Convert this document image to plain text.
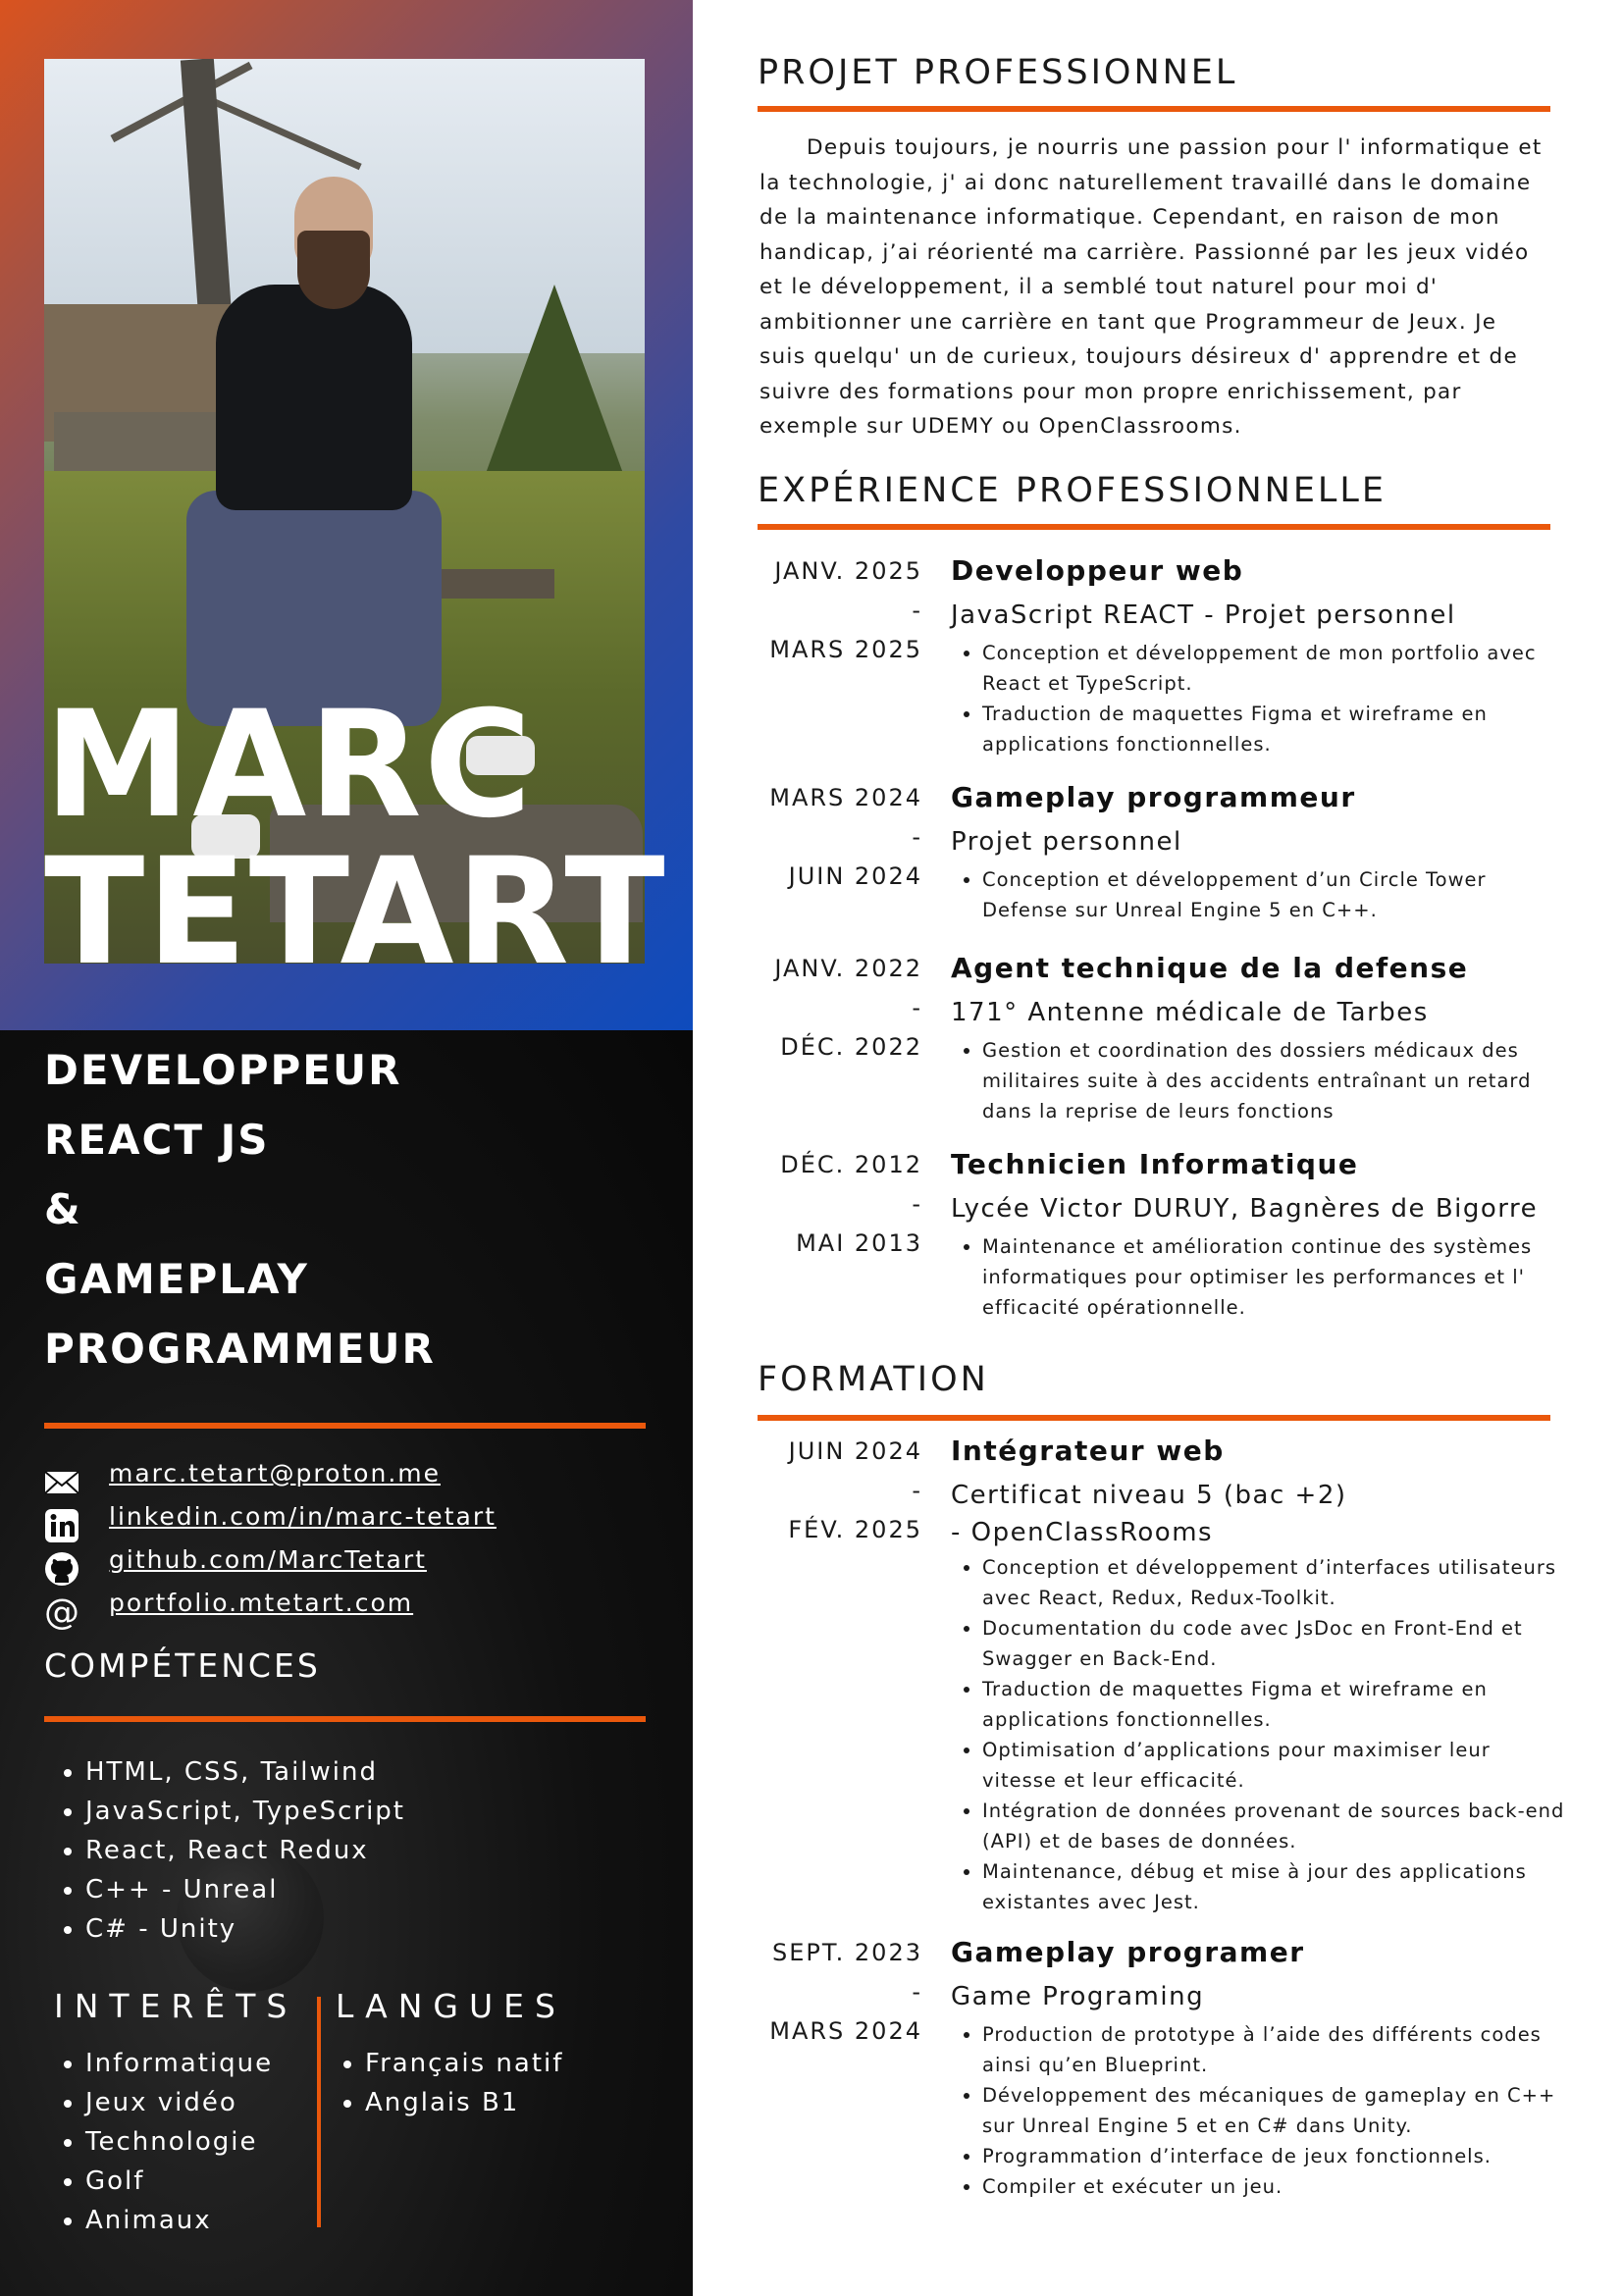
MARC
TETART
DEVELOPPEUR
REACT JS
&
GAMEPLAY
PROGRAMMEUR
marc.tetart@proton.me
linkedin.com/in/marc-tetart
github.com/MarcTetart
@ portfolio.mtetart.com
COMPÉTENCES
• HTML, CSS, Tailwind
• JavaScript, TypeScript
• React, React Redux
• C++ - Unreal
• C# - Unity
INTERÊTS
• Informatique
• Jeux vidéo
• Technologie
• Golf
• Animaux
LANGUES
• Français natif
• Anglais B1
PROJET PROFESSIONNEL

Depuis toujours, je nourris une passion pour l' informatique et la technologie, j' ai donc naturellement travaillé dans le domaine de la maintenance informatique. Cependant, en raison de mon handicap, j’ai réorienté ma carrière. Passionné par les jeux vidéo et le développement, il a semblé tout naturel pour moi d' ambitionner une carrière en tant que Programmeur de Jeux. Je suis quelqu' un de curieux, toujours désireux d' apprendre et de suivre des formations pour mon propre enrichissement, par exemple sur UDEMY ou OpenClassrooms.

EXPÉRIENCE PROFESSIONNELLE
JANV. 2025
-
MARS 2025
Developpeur web
JavaScript REACT - Projet personnel
• Conception et développement de mon portfolio avec React et TypeScript.
• Traduction de maquettes Figma et wireframe en applications fonctionnelles.
MARS 2024
-
JUIN 2024
Gameplay programmeur
Projet personnel
• Conception et développement d’un Circle Tower Defense sur Unreal Engine 5 en C++.
JANV. 2022
-
DÉC. 2022
Agent technique de la defense
171° Antenne médicale de Tarbes
• Gestion et coordination des dossiers médicaux des militaires suite à des accidents entraînant un retard dans la reprise de leurs fonctions
DÉC. 2012
-
MAI 2013
Technicien Informatique
Lycée Victor DURUY, Bagnères de Bigorre
• Maintenance et amélioration continue des systèmes informatiques pour optimiser les performances et l' efficacité opérationnelle.
FORMATION
JUIN 2024
-
FÉV. 2025
Intégrateur web
Certificat niveau 5 (bac +2) - OpenClassRooms
• Conception et développement d’interfaces utilisateurs avec React, Redux, Redux-Toolkit.
• Documentation du code avec JsDoc en Front-End et Swagger en Back-End.
• Traduction de maquettes Figma et wireframe en applications fonctionnelles.
• Optimisation d’applications pour maximiser leur vitesse et leur efficacité.
• Intégration de données provenant de sources back-end (API) et de bases de données.
• Maintenance, débug et mise à jour des applications existantes avec Jest.
SEPT. 2023
-
MARS 2024
Gameplay programer
Game Programing
• Production de prototype à l’aide des différents codes ainsi qu’en Blueprint.
• Développement des mécaniques de gameplay en C++ sur Unreal Engine 5 et en C# dans Unity.
• Programmation d’interface de jeux fonctionnels.
• Compiler et exécuter un jeu.
